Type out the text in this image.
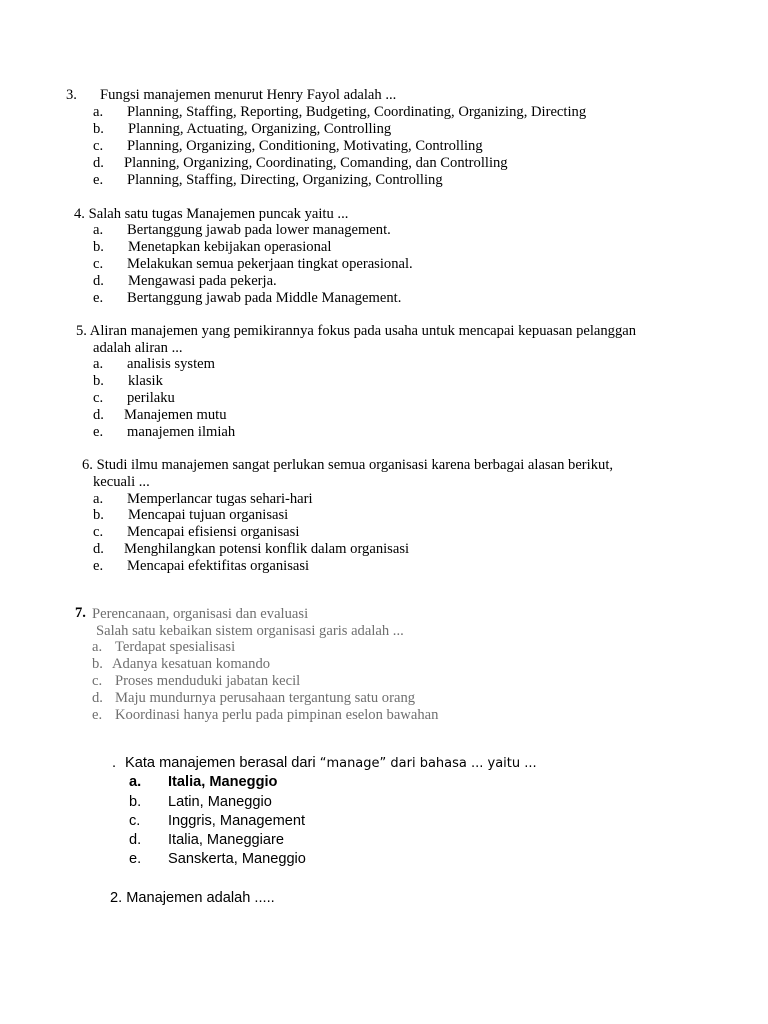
3. Fungsi manajemen menurut Henry Fayol adalah ...
a. Planning, Staffing, Reporting, Budgeting, Coordinating, Organizing, Directing
b. Planning, Actuating, Organizing, Controlling
c. Planning, Organizing, Conditioning, Motivating, Controlling
d. Planning, Organizing, Coordinating, Comanding, dan Controlling
e. Planning, Staffing, Directing, Organizing, Controlling
4. Salah satu tugas Manajemen puncak yaitu ...
a. Bertanggung jawab pada lower management.
b. Menetapkan kebijakan operasional
c. Melakukan semua pekerjaan tingkat operasional.
d. Mengawasi pada pekerja.
e. Bertanggung jawab pada Middle Management.
5. Aliran manajemen yang pemikirannya fokus pada usaha untuk mencapai kepuasan pelanggan
adalah aliran ...
a. analisis system
b. klasik
c. perilaku
d. Manajemen mutu
e. manajemen ilmiah
6. Studi ilmu manajemen sangat perlukan semua organisasi karena berbagai alasan berikut,
kecuali ...
a. Memperlancar tugas sehari-hari
b. Mencapai tujuan organisasi
c. Mencapai efisiensi organisasi
d. Menghilangkan potensi konflik dalam organisasi
e. Mencapai efektifitas organisasi
7. Perencanaan, organisasi dan evaluasi
Salah satu kebaikan sistem organisasi garis adalah ...
a. Terdapat spesialisasi
b. Adanya kesatuan komando
c. Proses menduduki jabatan kecil
d. Maju mundurnya perusahaan tergantung satu orang
e. Koordinasi hanya perlu pada pimpinan eselon bawahan
. Kata manajemen berasal dari “manage” dari bahasa ... yaitu ...
a. Italia, Maneggio
b. Latin, Maneggio
c. Inggris, Management
d. Italia, Maneggiare
e. Sanskerta, Maneggio
2. Manajemen adalah .....
